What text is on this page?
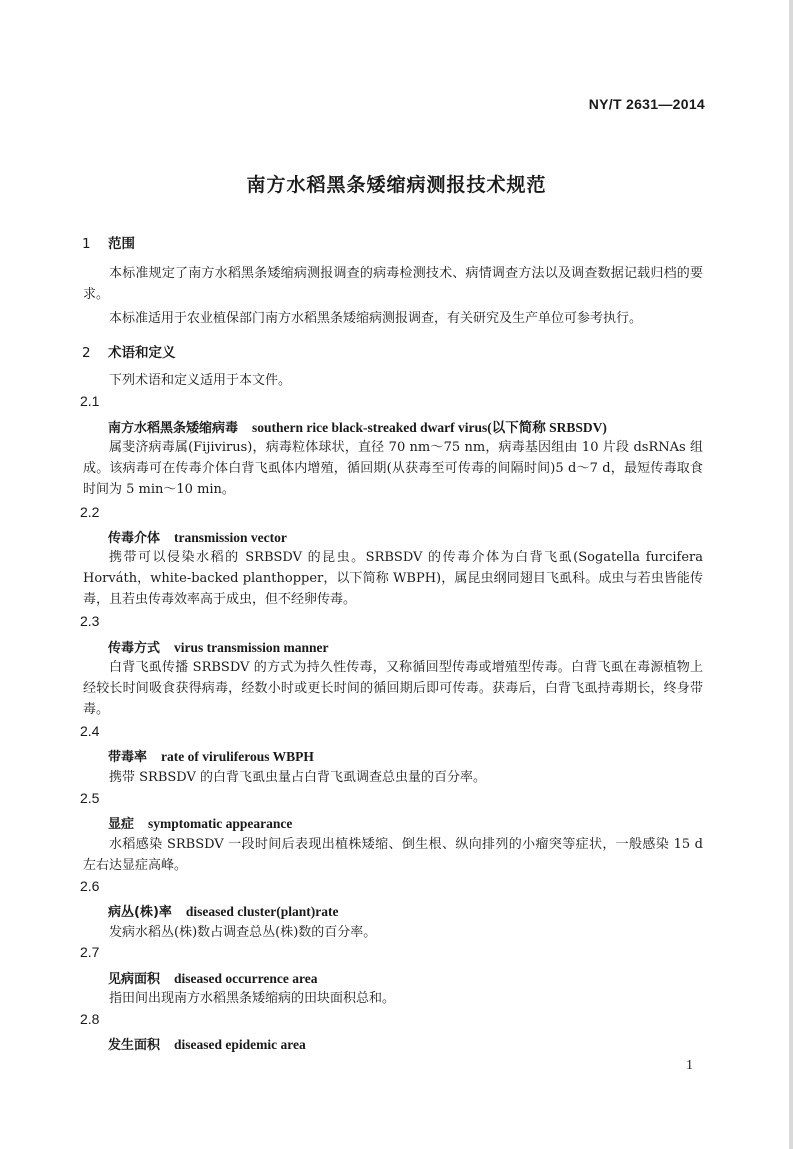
NY/T 2631—2014
南方水稻黑条矮缩病测报技术规范
1 范围
本标准规定了南方水稻黑条矮缩病测报调查的病毒检测技术、病情调查方法以及调查数据记载归档的要求。
本标准适用于农业植保部门南方水稻黑条矮缩病测报调查，有关研究及生产单位可参考执行。
2 术语和定义
下列术语和定义适用于本文件。
2.1
南方水稻黑条矮缩病毒 southern rice black-streaked dwarf virus(以下简称 SRBSDV)
属斐济病毒属(Fijivirus)，病毒粒体球状，直径 70 nm～75 nm，病毒基因组由 10 片段 dsRNAs 组成。该病毒可在传毒介体白背飞虱体内增殖，循回期(从获毒至可传毒的间隔时间)5 d～7 d，最短传毒取食时间为 5 min～10 min。
2.2
传毒介体 transmission vector
携带可以侵染水稻的 SRBSDV 的昆虫。SRBSDV 的传毒介体为白背飞虱(Sogatella furcifera Horváth，white-backed planthopper，以下简称 WBPH)，属昆虫纲同翅目飞虱科。成虫与若虫皆能传毒，且若虫传毒效率高于成虫，但不经卵传毒。
2.3
传毒方式 virus transmission manner
白背飞虱传播 SRBSDV 的方式为持久性传毒，又称循回型传毒或增殖型传毒。白背飞虱在毒源植物上经较长时间吸食获得病毒，经数小时或更长时间的循回期后即可传毒。获毒后，白背飞虱持毒期长，终身带毒。
2.4
带毒率 rate of viruliferous WBPH
携带 SRBSDV 的白背飞虱虫量占白背飞虱调查总虫量的百分率。
2.5
显症 symptomatic appearance
水稻感染 SRBSDV 一段时间后表现出植株矮缩、倒生根、纵向排列的小瘤突等症状，一般感染 15 d 左右达显症高峰。
2.6
病丛(株)率 diseased cluster(plant)rate
发病水稻丛(株)数占调查总丛(株)数的百分率。
2.7
见病面积 diseased occurrence area
指田间出现南方水稻黑条矮缩病的田块面积总和。
2.8
发生面积 diseased epidemic area
1
